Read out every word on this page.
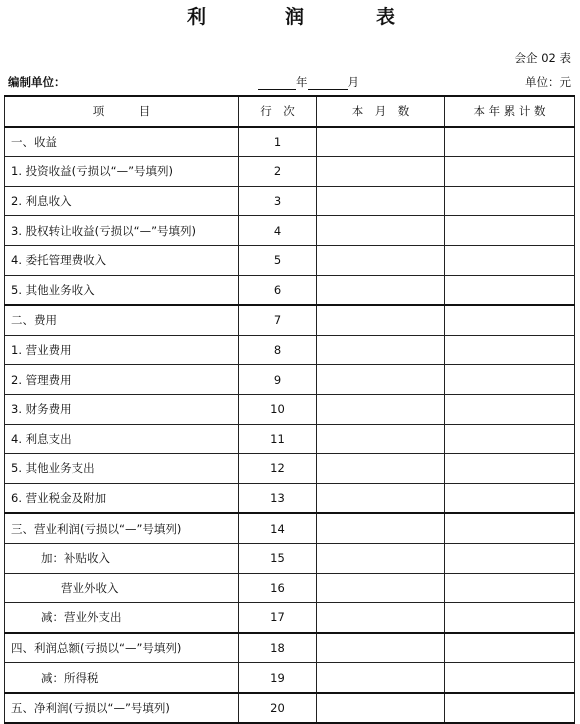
利	润	表
会企 02 表
编制单位：	年	月	单位：元
项　　　目	行　次	本　月　数	本 年 累 计 数
一、收益	1		
1. 投资收益(亏损以“—”号填列)	2		
2. 利息收入	3		
3. 股权转让收益(亏损以“—”号填列)	4		
4. 委托管理费收入	5		
5. 其他业务收入	6		
二、费用	7		
1. 营业费用	8		
2. 管理费用	9		
3. 财务费用	10		
4. 利息支出	11		
5. 其他业务支出	12		
6. 营业税金及附加	13		
三、营业利润(亏损以“—”号填列)	14		
加：补贴收入	15		
营业外收入	16		
减：营业外支出	17		
四、利润总额(亏损以“—”号填列)	18		
减：所得税	19		
五、净利润(亏损以“—”号填列)	20		
